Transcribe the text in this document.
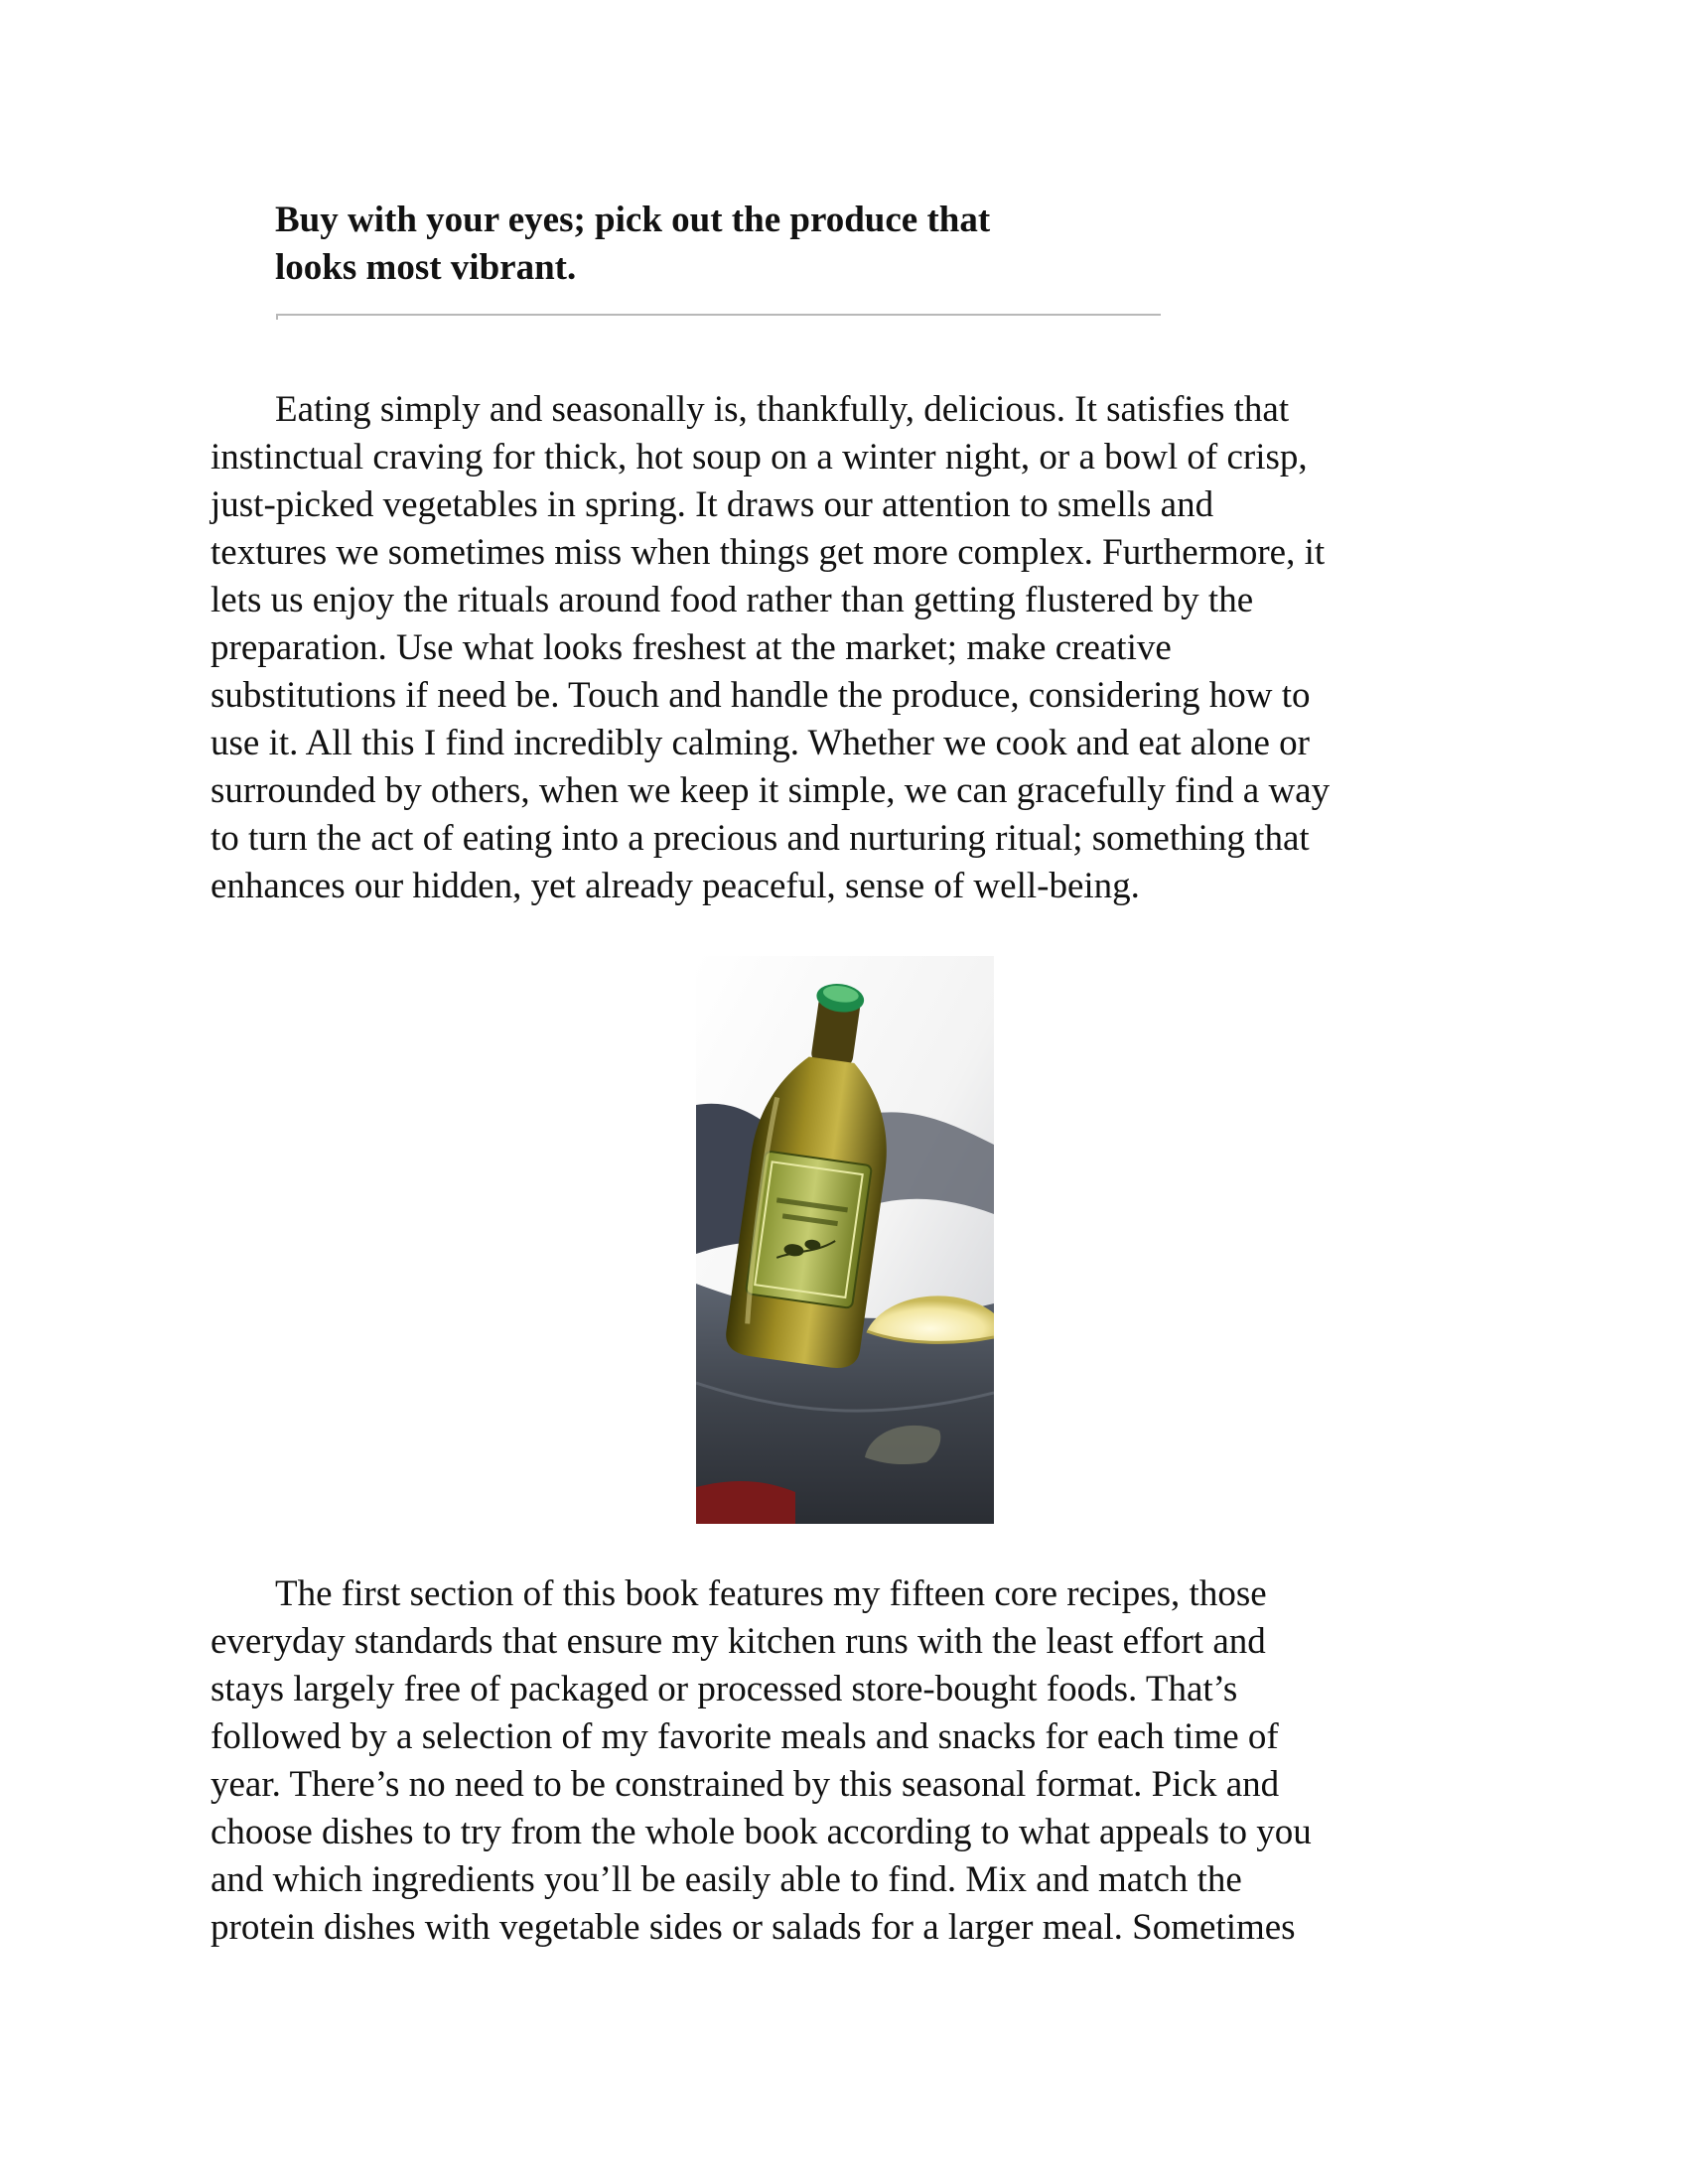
Buy with your eyes; pick out the produce that
looks most vibrant.

Eating simply and seasonally is, thankfully, delicious. It satisfies that
instinctual craving for thick, hot soup on a winter night, or a bowl of crisp,
just-picked vegetables in spring. It draws our attention to smells and
textures we sometimes miss when things get more complex. Furthermore, it
lets us enjoy the rituals around food rather than getting flustered by the
preparation. Use what looks freshest at the market; make creative
substitutions if need be. Touch and handle the produce, considering how to
use it. All this I find incredibly calming. Whether we cook and eat alone or
surrounded by others, when we keep it simple, we can gracefully find a way
to turn the act of eating into a precious and nurturing ritual; something that
enhances our hidden, yet already peaceful, sense of well-being.

The first section of this book features my fifteen core recipes, those
everyday standards that ensure my kitchen runs with the least effort and
stays largely free of packaged or processed store-bought foods. That’s
followed by a selection of my favorite meals and snacks for each time of
year. There’s no need to be constrained by this seasonal format. Pick and
choose dishes to try from the whole book according to what appeals to you
and which ingredients you’ll be easily able to find. Mix and match the
protein dishes with vegetable sides or salads for a larger meal. Sometimes
